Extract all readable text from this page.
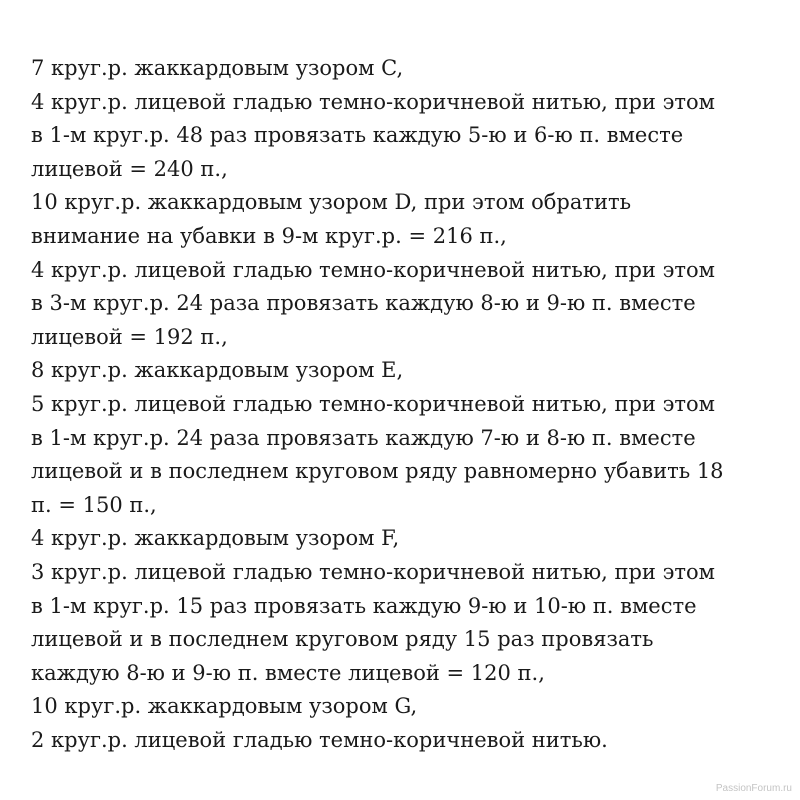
7 круг.р. жаккардовым узором C,
4 круг.р. лицевой гладью темно-коричневой нитью, при этом
в 1-м круг.р. 48 раз провязать каждую 5-ю и 6-ю п. вместе
лицевой = 240 п.,
10 круг.р. жаккардовым узором D, при этом обратить
внимание на убавки в 9-м круг.р. = 216 п.,
4 круг.р. лицевой гладью темно-коричневой нитью, при этом
в 3-м круг.р. 24 раза провязать каждую 8-ю и 9-ю п. вместе
лицевой = 192 п.,
8 круг.р. жаккардовым узором E,
5 круг.р. лицевой гладью темно-коричневой нитью, при этом
в 1-м круг.р. 24 раза провязать каждую 7-ю и 8-ю п. вместе
лицевой и в последнем круговом ряду равномерно убавить 18
п. = 150 п.,
4 круг.р. жаккардовым узором F,
3 круг.р. лицевой гладью темно-коричневой нитью, при этом
в 1-м круг.р. 15 раз провязать каждую 9-ю и 10-ю п. вместе
лицевой и в последнем круговом ряду 15 раз провязать
каждую 8-ю и 9-ю п. вместе лицевой = 120 п.,
10 круг.р. жаккардовым узором G,
2 круг.р. лицевой гладью темно-коричневой нитью.
PassionForum.ru
